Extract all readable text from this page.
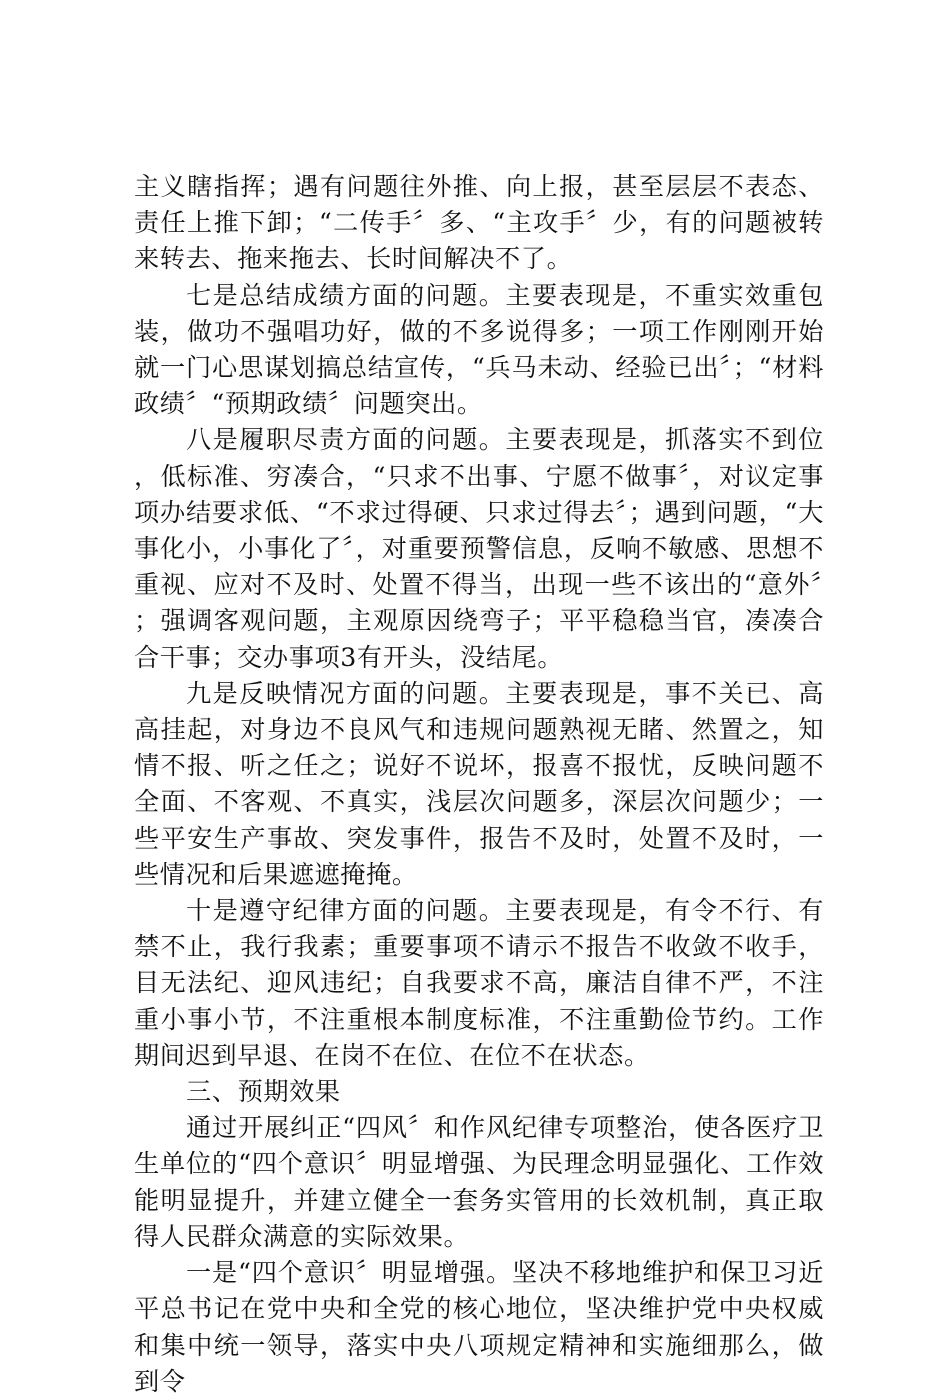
主义瞎指挥；遇有问题往外推、向上报，甚至层层不表态、责任上推下卸；“二传手〞多、“主攻手〞少，有的问题被转来转去、拖来拖去、长时间解决不了。

七是总结成绩方面的问题。主要表现是，不重实效重包装，做功不强唱功好，做的不多说得多；一项工作刚刚开始就一门心思谋划搞总结宣传，“兵马未动、经验已出〞；“材料政绩〞“预期政绩〞问题突出。

八是履职尽责方面的问题。主要表现是，抓落实不到位，低标准、穷凑合，“只求不出事、宁愿不做事〞，对议定事项办结要求低、“不求过得硬、只求过得去〞；遇到问题，“大事化小，小事化了〞，对重要预警信息，反响不敏感、思想不重视、应对不及时、处置不得当，出现一些不该出的“意外〞；强调客观问题，主观原因绕弯子；平平稳稳当官，凑凑合合干事；交办事项3有开头，没结尾。

九是反映情况方面的问题。主要表现是，事不关已、高高挂起，对身边不良风气和违规问题熟视无睹、然置之，知情不报、听之任之；说好不说坏，报喜不报忧，反映问题不全面、不客观、不真实，浅层次问题多，深层次问题少；一些平安生产事故、突发事件，报告不及时，处置不及时，一些情况和后果遮遮掩掩。

十是遵守纪律方面的问题。主要表现是，有令不行、有禁不止，我行我素；重要事项不请示不报告不收敛不收手，目无法纪、迎风违纪；自我要求不高，廉洁自律不严，不注重小事小节，不注重根本制度标准，不注重勤俭节约。工作期间迟到早退、在岗不在位、在位不在状态。

三、预期效果

通过开展纠正“四风〞和作风纪律专项整治，使各医疗卫生单位的“四个意识〞明显增强、为民理念明显强化、工作效能明显提升，并建立健全一套务实管用的长效机制，真正取得人民群众满意的实际效果。

一是“四个意识〞明显增强。坚决不移地维护和保卫习近平总书记在党中央和全党的核心地位，坚决维护党中央权威和集中统一领导，落实中央八项规定精神和实施细那么，做到令
